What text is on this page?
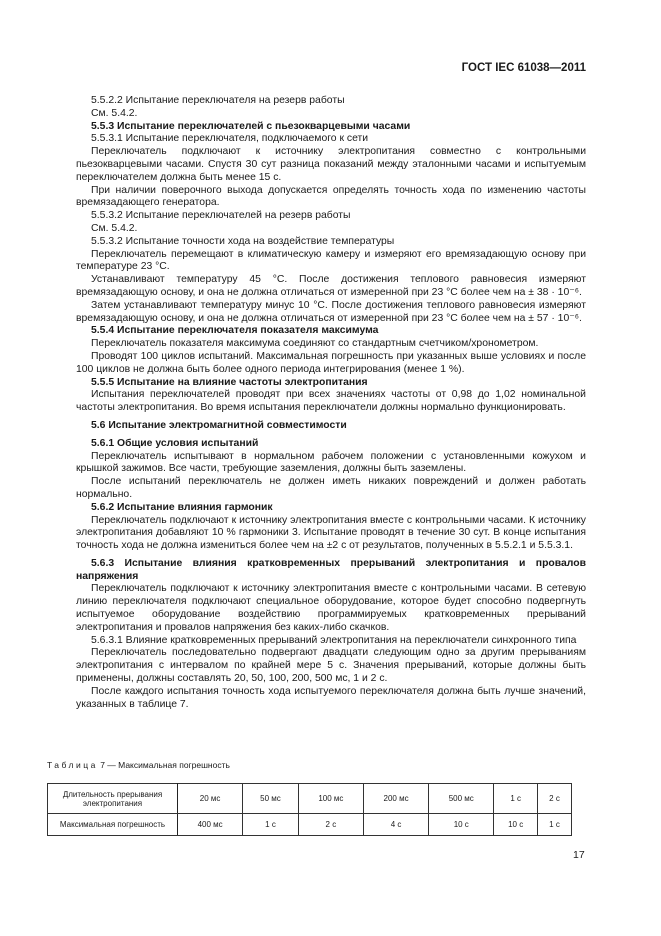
ГОСТ IEC 61038—2011

5.5.2.2 Испытание переключателя на резерв работы

См. 5.4.2.

5.5.3 Испытание переключателей с пьезокварцевыми часами

5.5.3.1 Испытание переключателя, подключаемого к сети

Переключатель подключают к источнику электропитания совместно с контрольными пьезокварцевыми часами. Спустя 30 сут разница показаний между эталонными часами и испытуемым переключателем должна быть менее 15 с.

При наличии поверочного выхода допускается определять точность хода по изменению частоты времязадающего генератора.

5.5.3.2 Испытание переключателей на резерв работы

См. 5.4.2.

5.5.3.2 Испытание точности хода на воздействие температуры

Переключатель перемещают в климатическую камеру и измеряют его времязадающую основу при температуре 23 °C.

Устанавливают температуру 45 °C. После достижения теплового равновесия измеряют времязадающую основу, и она не должна отличаться от измеренной при 23 °C более чем на ± 38 · 10⁻⁶.

Затем устанавливают температуру минус 10 °C. После достижения теплового равновесия измеряют времязадающую основу, и она не должна отличаться от измеренной при 23 °C более чем на ± 57 · 10⁻⁶.

5.5.4 Испытание переключателя показателя максимума

Переключатель показателя максимума соединяют со стандартным счетчиком/хронометром.

Проводят 100 циклов испытаний. Максимальная погрешность при указанных выше условиях и после 100 циклов не должна быть более одного периода интегрирования (менее 1 %).

5.5.5 Испытание на влияние частоты электропитания

Испытания переключателей проводят при всех значениях частоты от 0,98 до 1,02 номинальной частоты электропитания. Во время испытания переключатели должны нормально функционировать.

5.6 Испытание электромагнитной совместимости

5.6.1 Общие условия испытаний

Переключатель испытывают в нормальном рабочем положении с установленными кожухом и крышкой зажимов. Все части, требующие заземления, должны быть заземлены.

После испытаний переключатель не должен иметь никаких повреждений и должен работать нормально.

5.6.2 Испытание влияния гармоник

Переключатель подключают к источнику электропитания вместе с контрольными часами. К источнику электропитания добавляют 10 % гармоники 3. Испытание проводят в течение 30 сут. В конце испытания точность хода не должна измениться более чем на ±2 с от результатов, полученных в 5.5.2.1 и 5.5.3.1.

5.6.3 Испытание влияния кратковременных прерываний электропитания и провалов напряжения

Переключатель подключают к источнику электропитания вместе с контрольными часами. В сетевую линию переключателя подключают специальное оборудование, которое будет способно подвергнуть испытуемое оборудование воздействию программируемых кратковременных прерываний электропитания и провалов напряжения без каких-либо скачков.

5.6.3.1 Влияние кратковременных прерываний электропитания на переключатели синхронного типа

Переключатель последовательно подвергают двадцати следующим одно за другим прерываниям электропитания с интервалом по крайней мере 5 с. Значения прерываний, которые должны быть применены, должны составлять 20, 50, 100, 200, 500 мс, 1 и 2 с.

После каждого испытания точность хода испытуемого переключателя должна быть лучше значений, указанных в таблице 7.

Таблица 7 — Максимальная погрешность
Длительность прерывания электропитания	20 мс	50 мс	100 мс	200 мс	500 мс	1 с	2 с
Максимальная погрешность	400 мс	1 с	2 с	4 с	10 с	10 с	1 с
17
